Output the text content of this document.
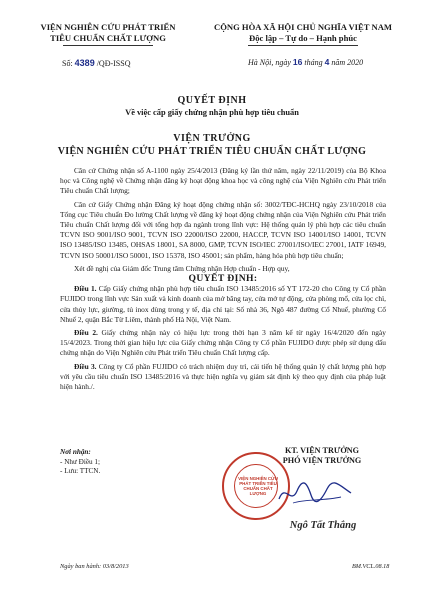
VIỆN NGHIÊN CỨU PHÁT TRIỂN
TIÊU CHUẨN CHẤT LƯỢNG
CỘNG HÒA XÃ HỘI CHỦ NGHĨA VIỆT NAM
Độc lập – Tự do – Hạnh phúc
Số: 4389 /QĐ-ISSQ	Hà Nội, ngày 16 tháng 4 năm 2020
QUYẾT ĐỊNH
Về việc cấp giấy chứng nhận phù hợp tiêu chuẩn
VIỆN TRƯỞNG
VIỆN NGHIÊN CỨU PHÁT TRIỂN TIÊU CHUẨN CHẤT LƯỢNG

Căn cứ Chứng nhận số A-1100 ngày 25/4/2013 (Đăng ký lần thứ năm, ngày 22/11/2019) của Bộ Khoa học và Công nghệ về Chứng nhận đăng ký hoạt động khoa học và công nghệ của Viện Nghiên cứu Phát triển Tiêu chuẩn Chất lượng;

Căn cứ Giấy Chứng nhận Đăng ký hoạt động chứng nhận số: 3002/TĐC-HCHQ ngày 23/10/2018 của Tổng cục Tiêu chuẩn Đo lường Chất lượng về đăng ký hoạt động chứng nhận của Viện Nghiên cứu Phát triển Tiêu chuẩn Chất lượng đối với tổng hợp đa ngành trong lĩnh vực: Hệ thống quản lý phù hợp các tiêu chuẩn TCVN ISO 9001/ISO 9001, TCVN ISO 22000/ISO 22000, HACCP, TCVN ISO 14001/ISO 14001, TCVN ISO 13485/ISO 13485, OHSAS 18001, SA 8000, GMP, TCVN ISO/IEC 27001/ISO/IEC 27001, IATF 16949, TCVN ISO 50001/ISO 50001, ISO 15378, ISO 45001; sản phẩm, hàng hóa phù hợp tiêu chuẩn;

Xét đề nghị của Giám đốc Trung tâm Chứng nhận Hợp chuẩn - Hợp quy,

QUYẾT ĐỊNH:

Điều 1. Cấp Giấy chứng nhận phù hợp tiêu chuẩn ISO 13485:2016 số YT 172-20 cho Công ty Cổ phần FUJIDO trong lĩnh vực Sản xuất và kinh doanh của mở băng tay, cửa mở tự động, cửa phòng mổ, cửa lọc chì, cửa thủy lực, giường, tủ inox dùng trong y tế, địa chỉ tại: Số nhà 36, Ngõ 487 đường Cổ Nhuế, phường Cổ Nhuế 2, quận Bắc Từ Liêm, thành phố Hà Nội, Việt Nam.

Điều 2. Giấy chứng nhận này có hiệu lực trong thời hạn 3 năm kể từ ngày 16/4/2020 đến ngày 15/4/2023. Trong thời gian hiệu lực của Giấy chứng nhận Công ty Cổ phần FUJIDO được phép sử dụng dấu chứng nhận do Viện Nghiên cứu Phát triển Tiêu chuẩn Chất lượng cấp.

Điều 3. Công ty Cổ phần FUJIDO có trách nhiệm duy trì, cải tiến hệ thống quản lý chất lượng phù hợp với yêu cầu tiêu chuẩn ISO 13485:2016 và thực hiện nghĩa vụ giám sát định kỳ theo quy định của pháp luật hiện hành./.

Nơi nhận:
- Như Điều 1;
- Lưu: TTCN.
VIỆN NGHIÊN CỨU PHÁT TRIỂN TIÊU CHUẨN CHẤT LƯỢNG
KT. VIỆN TRƯỞNG
PHÓ VIỆN TRƯỞNG
Ngô Tất Thắng
Ngày ban hành: 03/8/2013	BM.VCL.08.18
